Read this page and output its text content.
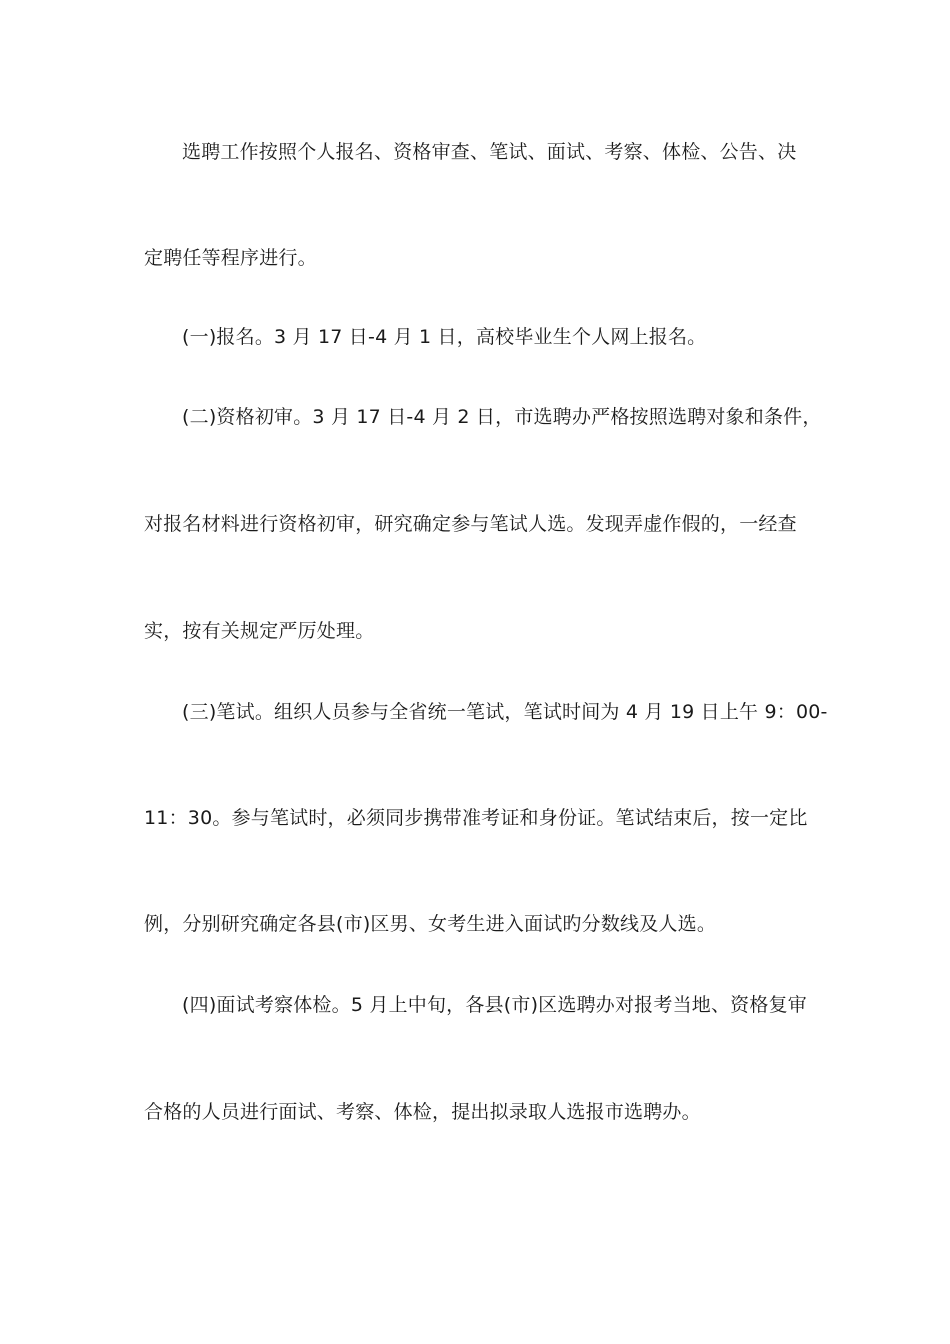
选聘工作按照个人报名、资格审查、笔试、面试、考察、体检、公告、决
定聘任等程序进行。
(一)报名。3 月 17 日-4 月 1 日，高校毕业生个人网上报名。
(二)资格初审。3 月 17 日-4 月 2 日，市选聘办严格按照选聘对象和条件，
对报名材料进行资格初审，研究确定参与笔试人选。发现弄虚作假的，一经查
实，按有关规定严厉处理。
(三)笔试。组织人员参与全省统一笔试，笔试时间为 4 月 19 日上午 9：00-
11：30。参与笔试时，必须同步携带准考证和身份证。笔试结束后，按一定比
例，分别研究确定各县(市)区男、女考生进入面试旳分数线及人选。
(四)面试考察体检。5 月上中旬，各县(市)区选聘办对报考当地、资格复审
合格的人员进行面试、考察、体检，提出拟录取人选报市选聘办。
